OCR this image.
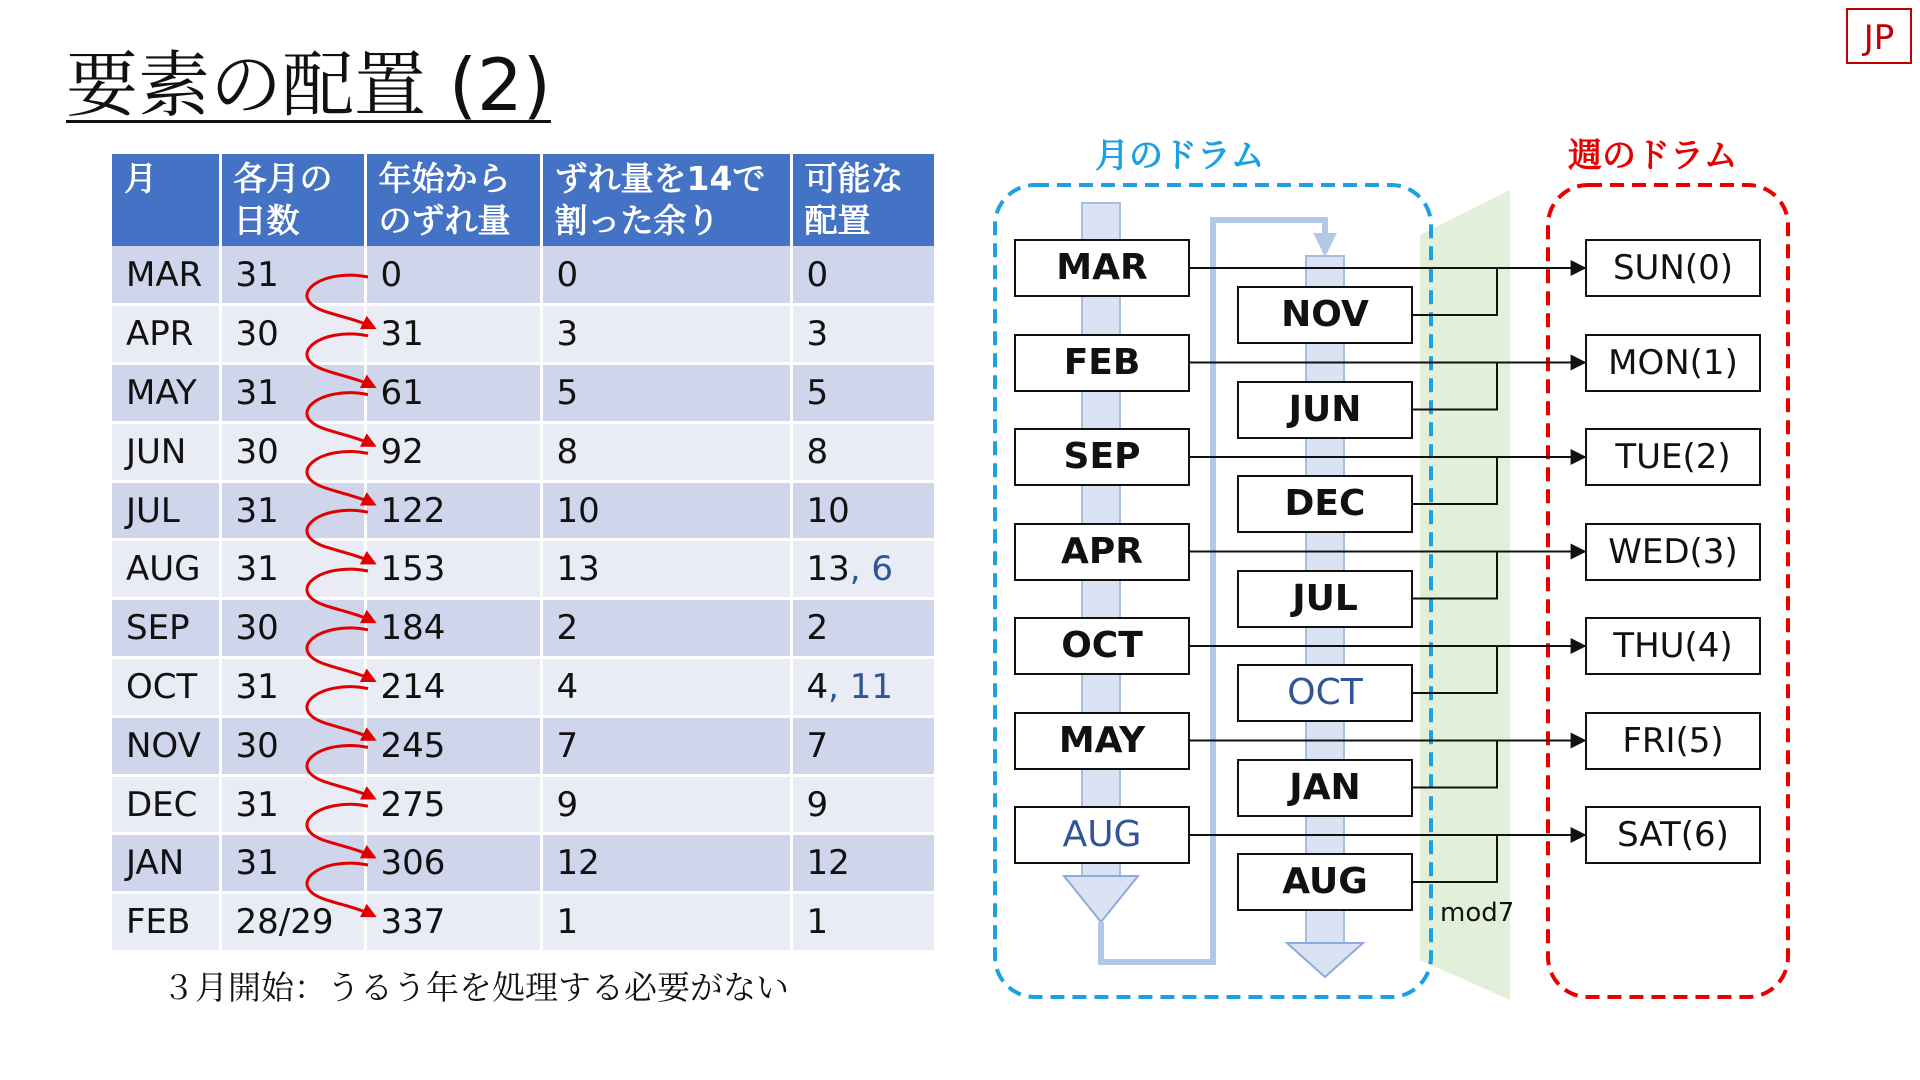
要素の配置 (2)
JP
月	各月の日数	年始からのずれ量	ずれ量を14で割った余り	可能な配置
MAR	31	0	0	0
APR	30	31	3	3
MAY	31	61	5	5
JUN	30	92	8	8
JUL	31	122	10	10
AUG	31	153	13	13, 6
SEP	30	184	2	2
OCT	31	214	4	4, 11
NOV	30	245	7	7
DEC	31	275	9	9
JAN	31	306	12	12
FEB	28/29	337	1	1
３月開始：うるう年を処理する必要がない
月のドラム	週のドラム
MAR
FEB
SEP
APR
OCT
MAY
AUG
NOV
JUN
DEC
JUL
OCT
JAN
AUG
SUN(0)
MON(1)
TUE(2)
WED(3)
THU(4)
FRI(5)
SAT(6)
mod7
